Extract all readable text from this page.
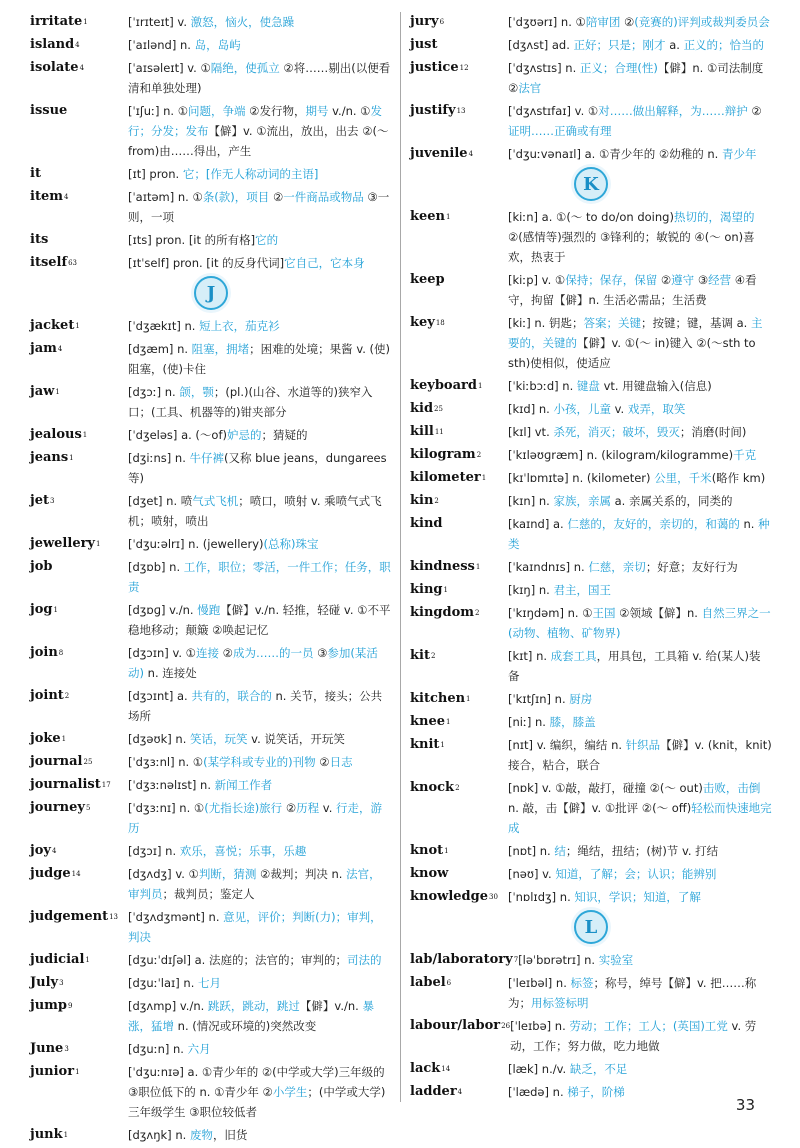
irritate$^1$	[ˈɪrɪteɪt] v. 激怒，恼火，使急躁
island$^4$	[ˈaɪlənd] n. 岛，岛屿
isolate$^4$	[ˈaɪsəleɪt] v. ①隔绝，使孤立 ②将……剔出(以便看清和单独处理)
issue	[ˈɪʃuː] n. ①问题，争端 ②发行物，期号 v./n. ①发行；分发；发布【僻】v. ①流出，放出，出去 ②(～ from)由……得出，产生
it	[ɪt] pron. 它；[作无人称动词的主语]
item$^4$	[ˈaɪtəm] n. ①条(款)，项目 ②一件商品或物品 ③一则，一项
its	[ɪts] pron. [it 的所有格]它的
itself$^{63}$	[ɪtˈself] pron. [it 的反身代词]它自己，它本身
J
jacket$^1$	[ˈdʒækɪt] n. 短上衣，茄克衫
jam$^4$	[dʒæm] n. 阻塞，拥堵；困难的处境；果酱 v. (使)阻塞，(使)卡住
jaw$^1$	[dʒɔː] n. 颌，颚；(pl.)(山谷、水道等的)狭窄入口；(工具、机器等的)钳夹部分
jealous$^1$	[ˈdʒeləs] a. (～of)妒忌的；猜疑的
jeans$^1$	[dʒiːns] n. 牛仔裤(又称 blue jeans，dungarees 等)
jet$^3$	[dʒet] n. 喷气式飞机；喷口，喷射 v. 乘喷气式飞机；喷射，喷出
jewellery$^1$	[ˈdʒuːəlrɪ] n. (jewellery)(总称)珠宝
job	[dʒɒb] n. 工作，职位；零活，一件工作；任务，职责
jog$^1$	[dʒɒɡ] v./n. 慢跑【僻】v./n. 轻推，轻碰 v. ①不平稳地移动；颠簸 ②唤起记忆
join$^8$	[dʒɔɪn] v. ①连接 ②成为……的一员 ③参加(某活动) n. 连接处
joint$^2$	[dʒɔɪnt] a. 共有的，联合的 n. 关节，接头；公共场所
joke$^1$	[dʒəʊk] n. 笑话，玩笑 v. 说笑话，开玩笑
journal$^{25}$	[ˈdʒɜːnl] n. ①(某学科或专业的)刊物 ②日志
journalist$^{17}$	[ˈdʒɜːnəlɪst] n. 新闻工作者
journey$^5$	[ˈdʒɜːnɪ] n. ①(尤指长途)旅行 ②历程 v. 行走，游历
joy$^4$	[dʒɔɪ] n. 欢乐，喜悦；乐事，乐趣
judge$^{14}$	[dʒʌdʒ] v. ①判断，猜测 ②裁判；判决 n. 法官，审判员；裁判员；鉴定人
judgement$^{13}$ [ˈdʒʌdʒmənt] n. 意见，评价；判断(力)；审判，判决
judicial$^1$	[dʒuːˈdɪʃəl] a. 法庭的；法官的；审判的；司法的
July$^3$	[dʒuːˈlaɪ] n. 七月
jump$^9$	[dʒʌmp] v./n. 跳跃，跳动，跳过【僻】v./n. 暴涨，猛增 n. (情况或环境的)突然改变
June$^3$	[dʒuːn] n. 六月
junior$^1$	[ˈdʒuːnɪə] a. ①青少年的 ②(中学或大学)三年级的 ③职位低下的 n. ①青少年 ②小学生；(中学或大学)三年级学生 ③职位较低者
junk$^1$	[dʒʌŋk] n. 废物，旧货
jury$^6$	[ˈdʒʊərɪ] n. ①陪审团 ②(竞赛的)评判或裁判委员会
just	[dʒʌst] ad. 正好；只是；刚才 a. 正义的；恰当的
justice$^{12}$	[ˈdʒʌstɪs] n. 正义；合理(性)【僻】n. ①司法制度 ②法官
justify$^{13}$	[ˈdʒʌstɪfaɪ] v. ①对……做出解释，为……辩护 ②证明……正确或有理
juvenile$^4$	[ˈdʒuːvənaɪl] a. ①青少年的 ②幼稚的 n. 青少年
K
keen$^1$	[kiːn] a. ①(～ to do/on doing)热切的，渴望的 ②(感情等)强烈的 ③锋利的；敏锐的 ④(～ on)喜欢，热衷于
keep	[kiːp] v. ①保持；保存，保留 ②遵守 ③经营 ④看守，拘留【僻】n. 生活必需品；生活费
key$^{18}$	[kiː] n. 钥匙；答案；关键；按键；键，基调 a. 主要的，关键的【僻】v. ①(～ in)键入 ②(～sth to sth)使相似，使适应
keyboard$^1$	[ˈkiːbɔːd] n. 键盘 vt. 用键盘输入(信息)
kid$^{25}$	[kɪd] n. 小孩，儿童 v. 戏弄，取笑
kill$^{11}$	[kɪl] vt. 杀死，消灭；破坏，毁灭；消磨(时间)
kilogram$^2$	[ˈkɪləʊɡræm] n. (kilogram/kilogramme)千克
kilometer$^1$	[kɪˈlɒmɪtə] n. (kilometer) 公里，千米(略作 km)
kin$^2$	[kɪn] n. 家族，亲属 a. 亲属关系的，同类的
kind	[kaɪnd] a. 仁慈的，友好的，亲切的，和蔼的 n. 种类
kindness$^1$	[ˈkaɪndnɪs] n. 仁慈，亲切；好意；友好行为
king$^1$	[kɪŋ] n. 君主，国王
kingdom$^2$	[ˈkɪŋdəm] n. ①王国 ②领域【僻】n. 自然三界之一(动物、植物、矿物界)
kit$^2$	[kɪt] n. 成套工具，用具包，工具箱 v. 给(某人)装备
kitchen$^1$	[ˈkɪtʃɪn] n. 厨房
knee$^1$	[niː] n. 膝，膝盖
knit$^1$	[nɪt] v. 编织，编结 n. 针织品【僻】v. (knit，knit)接合，粘合，联合
knock$^2$	[nɒk] v. ①敲，敲打，碰撞 ②(～ out)击败，击倒 n. 敲，击【僻】v. ①批评 ②(～ off)轻松而快速地完成
knot$^1$	[nɒt] n. 结；绳结，扭结；(树)节 v. 打结
know	[nəʊ] v. 知道，了解；会；认识；能辨别
knowledge$^{30}$ [ˈnɒlɪdʒ] n. 知识，学识；知道，了解
L
lab/laboratory$^7$ [ləˈbɒrətrɪ] n. 实验室
label$^6$	[ˈleɪbəl] n. 标签；称号，绰号【僻】v. 把……称为；用标签标明
labour/labor$^{26}$ [ˈleɪbə] n. 劳动；工作；工人；(英国)工党 v. 劳动，工作；努力做，吃力地做
lack$^{14}$	[læk] n./v. 缺乏，不足
ladder$^4$	[ˈlædə] n. 梯子，阶梯
33
